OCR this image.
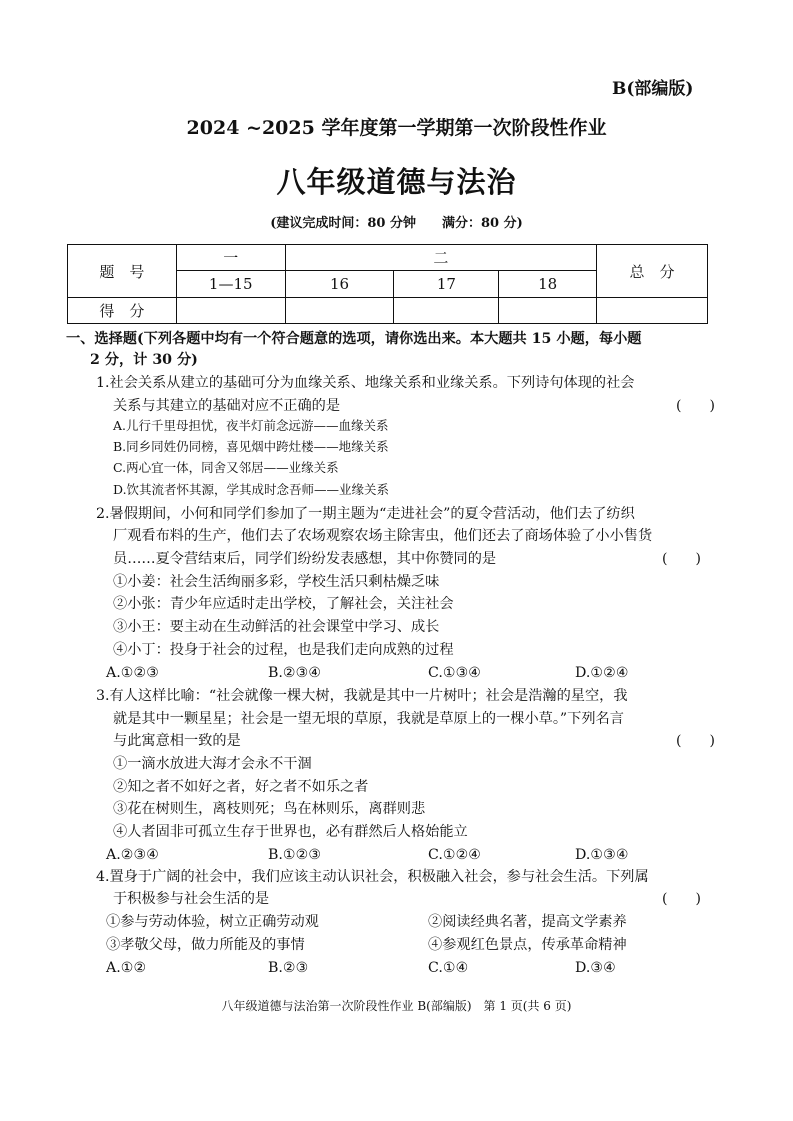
B(部编版)
2024 ~2025 学年度第一学期第一次阶段性作业
八年级道德与法治
(建议完成时间：80 分钟　　满分：80 分)
题　号	一	二			总　分
	1—15	16	17	18	
得　分					
一、选择题(下列各题中均有一个符合题意的选项，请你选出来。本大题共 15 小题，每小题
2 分，计 30 分)
1.社会关系从建立的基础可分为血缘关系、地缘关系和业缘关系。下列诗句体现的社会
关系与其建立的基础对应不正确的是	(　　)
A.儿行千里母担忧，夜半灯前念远游——血缘关系
B.同乡同姓仍同榜，喜见烟中跨灶楼——地缘关系
C.两心宜一体，同舍又邻居——业缘关系
D.饮其流者怀其源，学其成时念吾师——业缘关系
2.暑假期间，小何和同学们参加了一期主题为“走进社会”的夏令营活动，他们去了纺织
厂观看布料的生产，他们去了农场观察农场主除害虫，他们还去了商场体验了小小售货
员……夏令营结束后，同学们纷纷发表感想，其中你赞同的是	(　　)
①小姜：社会生活绚丽多彩，学校生活只剩枯燥乏味
②小张：青少年应适时走出学校，了解社会，关注社会
③小王：要主动在生动鲜活的社会课堂中学习、成长
④小丁：投身于社会的过程，也是我们走向成熟的过程
A.①②③	B.②③④	C.①③④	D.①②④
3.有人这样比喻：“社会就像一棵大树，我就是其中一片树叶；社会是浩瀚的星空，我
就是其中一颗星星；社会是一望无垠的草原，我就是草原上的一棵小草。”下列名言
与此寓意相一致的是	(　　)
①一滴水放进大海才会永不干涸
②知之者不如好之者，好之者不如乐之者
③花在树则生，离枝则死；鸟在林则乐，离群则悲
④人者固非可孤立生存于世界也，必有群然后人格始能立
A.②③④	B.①②③	C.①②④	D.①③④
4.置身于广阔的社会中，我们应该主动认识社会，积极融入社会，参与社会生活。下列属
于积极参与社会生活的是	(　　)
①参与劳动体验，树立正确劳动观	②阅读经典名著，提高文学素养
③孝敬父母，做力所能及的事情	④参观红色景点，传承革命精神
A.①②	B.②③	C.①④	D.③④
八年级道德与法治第一次阶段性作业 B(部编版)　第 1 页(共 6 页)
